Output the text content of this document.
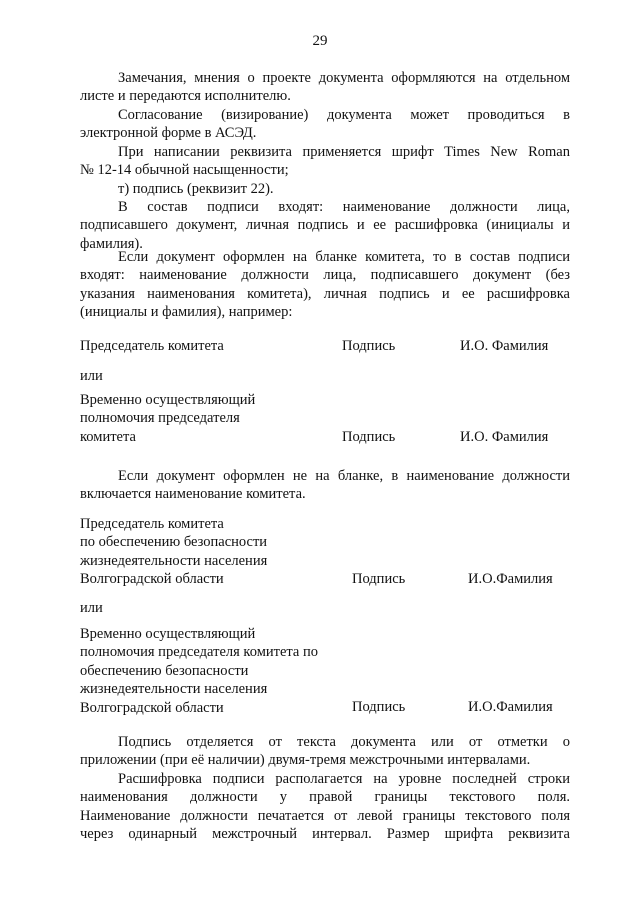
29
Замечания, мнения о проекте документа оформляются на отдельном
листе и передаются исполнителю.
Согласование (визирование) документа может проводиться в
электронной форме в АСЭД.
При написании реквизита применяется шрифт Times New Roman
№ 12-14 обычной насыщенности;
т) подпись (реквизит 22).
В состав подписи входят: наименование должности лица,
подписавшего документ, личная подпись и ее расшифровка (инициалы и
фамилия).
Если документ оформлен на бланке комитета, то в состав подписи
входят: наименование должности лица, подписавшего документ (без
указания наименования комитета), личная подпись и ее расшифровка
(инициалы и фамилия), например:
Председатель комитета	Подпись	И.О. Фамилия
или
Временно осуществляющий
полномочия председателя
комитета	Подпись	И.О. Фамилия
Если документ оформлен не на бланке, в наименование должности
включается наименование комитета.
Председатель комитета
по обеспечению безопасности
жизнедеятельности населения
Волгоградской области	Подпись	И.О.Фамилия
или
Временно осуществляющий
полномочия председателя комитета по
обеспечению безопасности
жизнедеятельности населения
Волгоградской области	Подпись	И.О.Фамилия
Подпись отделяется от текста документа или от отметки о
приложении (при её наличии) двумя-тремя межстрочными интервалами.
Расшифровка подписи располагается на уровне последней строки
наименования должности у правой границы текстового поля.
Наименование должности печатается от левой границы текстового поля
через одинарный межстрочный интервал. Размер шрифта реквизита
